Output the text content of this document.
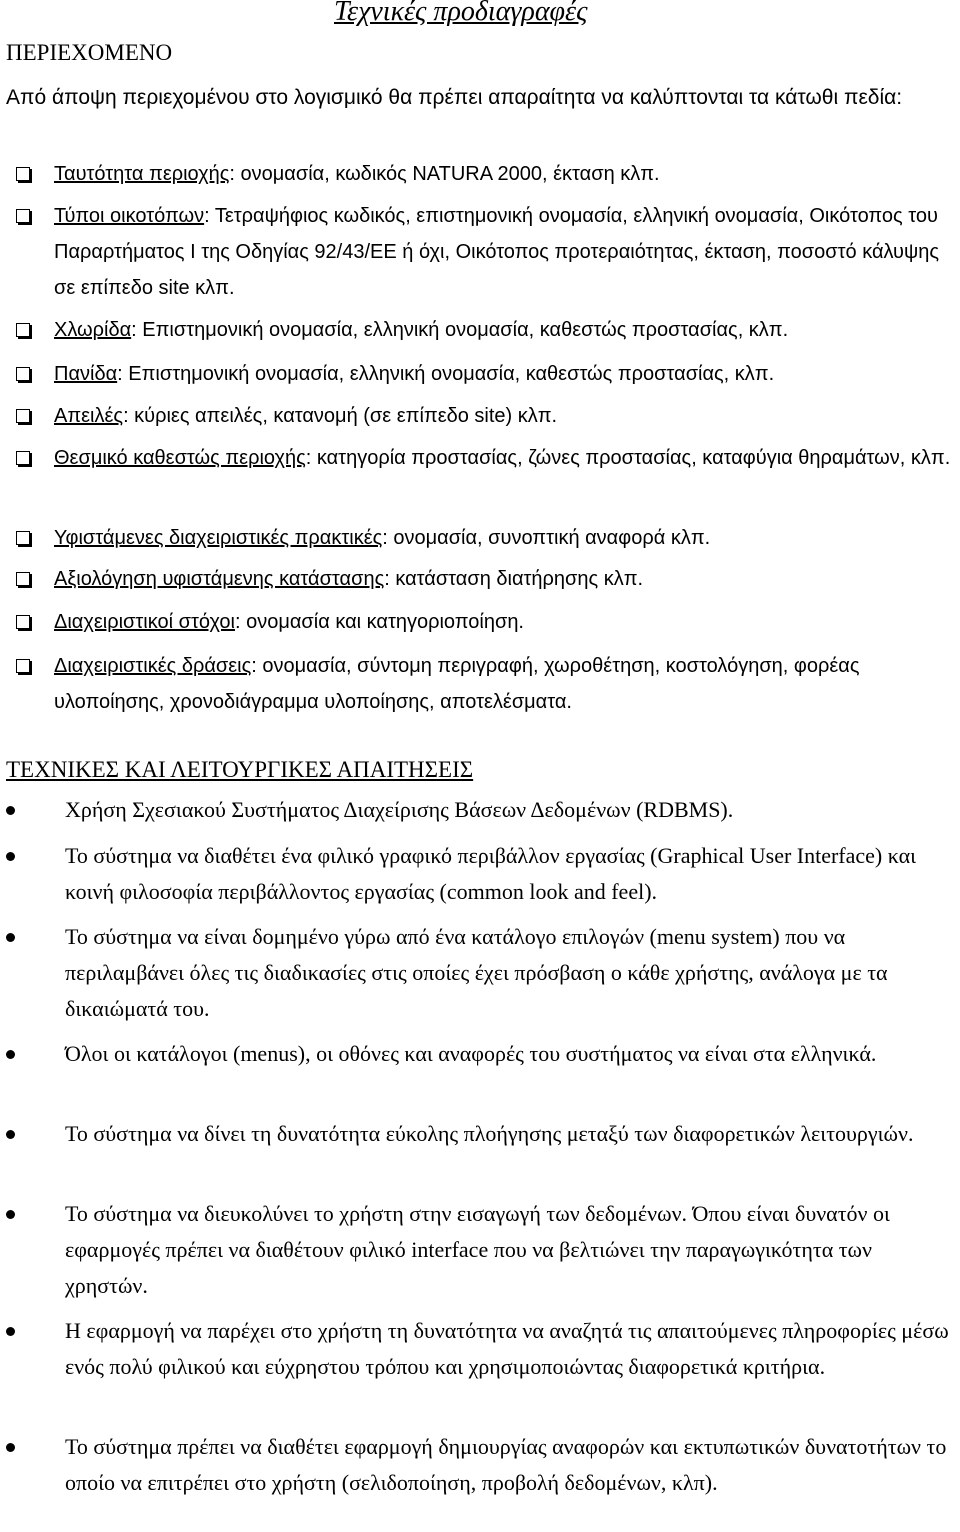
Τεχνικές προδιαγραφές
ΠΕΡΙΕΧΟΜΕΝΟ
Από άποψη περιεχομένου στο λογισμικό θα πρέπει απαραίτητα να καλύπτονται τα κάτωθι πεδία:
Ταυτότητα περιοχής: ονομασία, κωδικός NATURA 2000, έκταση κλπ.
Τύποι οικοτόπων: Τετραψήφιος κωδικός, επιστημονική ονομασία, ελληνική ονομασία, Οικότοπος του Παραρτήματος Ι της Οδηγίας 92/43/ΕΕ ή όχι, Οικότοπος προτεραιότητας, έκταση, ποσοστό κάλυψης σε επίπεδο site κλπ.
Χλωρίδα: Επιστημονική ονομασία, ελληνική ονομασία, καθεστώς προστασίας, κλπ.
Πανίδα: Επιστημονική ονομασία, ελληνική ονομασία, καθεστώς προστασίας, κλπ.
Απειλές: κύριες απειλές, κατανομή (σε επίπεδο site) κλπ.
Θεσμικό καθεστώς περιοχής: κατηγορία προστασίας, ζώνες προστασίας, καταφύγια θηραμάτων, κλπ.
Υφιστάμενες διαχειριστικές πρακτικές: ονομασία, συνοπτική αναφορά κλπ.
Αξιολόγηση υφιστάμενης κατάστασης: κατάσταση διατήρησης κλπ.
Διαχειριστικοί στόχοι: ονομασία και κατηγοριοποίηση.
Διαχειριστικές δράσεις: ονομασία, σύντομη περιγραφή, χωροθέτηση, κοστολόγηση, φορέας υλοποίησης, χρονοδιάγραμμα υλοποίησης, αποτελέσματα.
ΤΕΧΝΙΚΕΣ ΚΑΙ ΛΕΙΤΟΥΡΓΙΚΕΣ ΑΠΑΙΤΗΣΕΙΣ
Χρήση Σχεσιακού Συστήματος Διαχείρισης Βάσεων Δεδομένων (RDBMS).
Το σύστημα να διαθέτει ένα φιλικό γραφικό περιβάλλον εργασίας (Graphical User Interface) και κοινή φιλοσοφία περιβάλλοντος εργασίας (common look and feel).
Το σύστημα να είναι δομημένο γύρω από ένα κατάλογο επιλογών (menu system) που να περιλαμβάνει όλες τις διαδικασίες στις οποίες έχει πρόσβαση ο κάθε χρήστης, ανάλογα με τα δικαιώματά του.
Όλοι οι κατάλογοι (menus), οι οθόνες και αναφορές του συστήματος να είναι στα ελληνικά.
Το σύστημα να δίνει τη δυνατότητα εύκολης πλοήγησης μεταξύ των διαφορετικών λειτουργιών.
Το σύστημα να διευκολύνει το χρήστη στην εισαγωγή των δεδομένων. Όπου είναι δυνατόν οι εφαρμογές πρέπει να διαθέτουν φιλικό interface που να βελτιώνει την παραγωγικότητα των χρηστών.
Η εφαρμογή να παρέχει στο χρήστη τη δυνατότητα να αναζητά τις απαιτούμενες πληροφορίες μέσω ενός πολύ φιλικού και εύχρηστου τρόπου και χρησιμοποιώντας διαφορετικά κριτήρια.
Το σύστημα πρέπει να διαθέτει εφαρμογή δημιουργίας αναφορών και εκτυπωτικών δυνατοτήτων το οποίο να επιτρέπει στο χρήστη (σελιδοποίηση, προβολή δεδομένων, κλπ).
